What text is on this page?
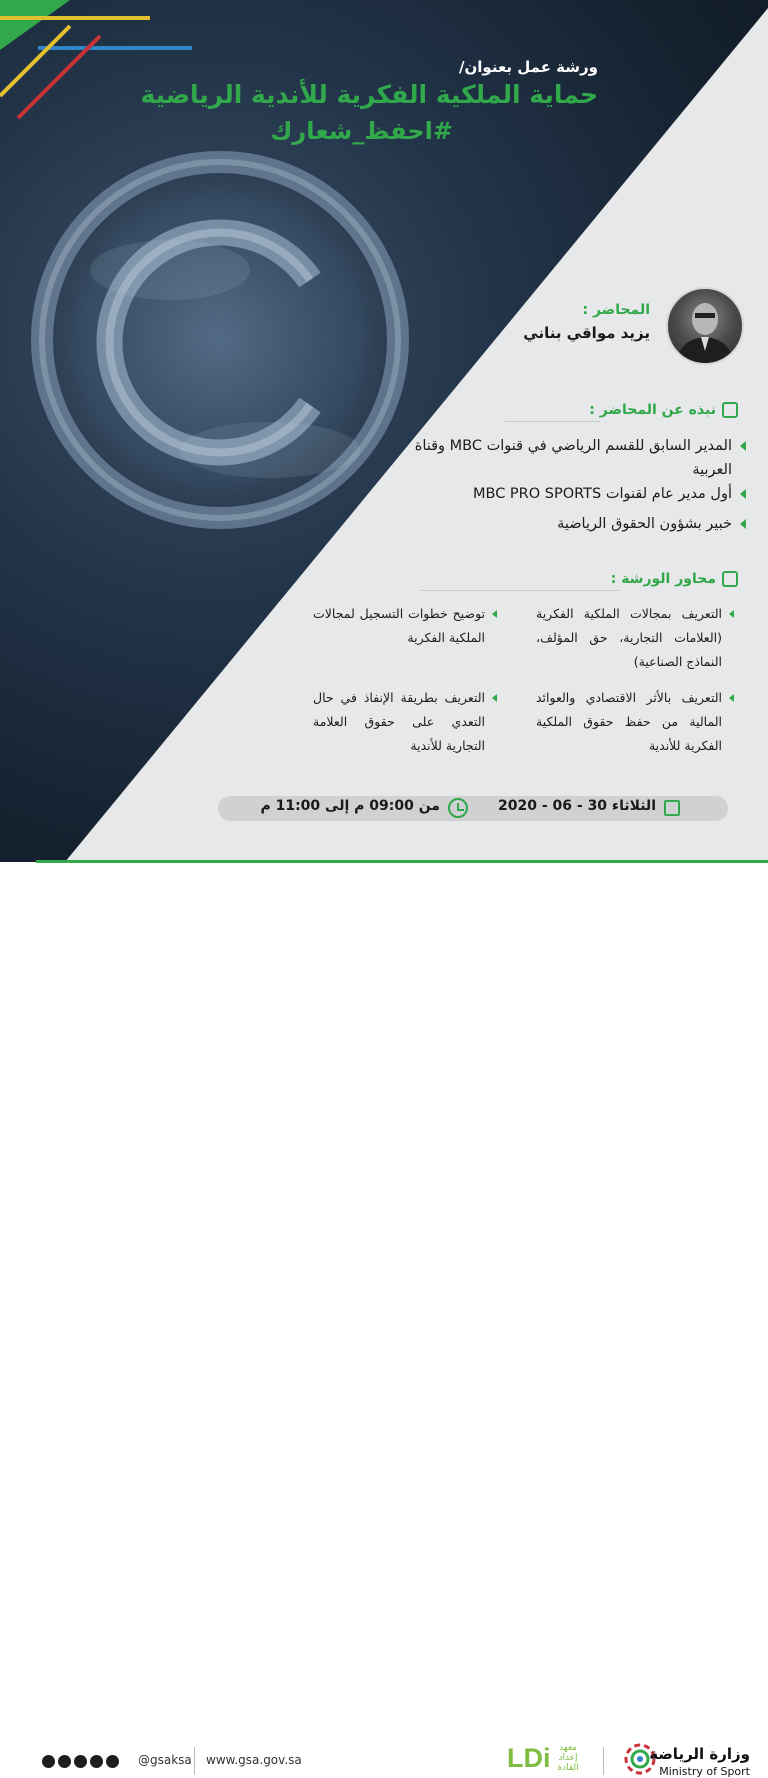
ورشة عمل بعنوان/
حماية الملكية الفكرية للأندية الرياضية
#احفظ_شعارك
المحاضر :
يزيد مواقي بناني
نبذه عن المحاضر :
المدير السابق للقسم الرياضي في قنوات MBC وقناة العربية
أول مدير عام لقنوات MBC PRO SPORTS
خبير بشؤون الحقوق الرياضية
محاور الورشة :
التعريف بمجالات الملكية الفكرية (العلامات التجارية، حق المؤلف، النماذج الصناعية)
توضيح خطوات التسجيل لمجالات الملكية الفكرية
التعريف بالأثر الاقتصادي والعوائد المالية من حفظ حقوق الملكية الفكرية للأندية
التعريف بطريقة الإنفاذ في حال التعدي على حقوق العلامة التجارية للأندية
الثلاثاء 30 - 06 - 2020
من 09:00 م إلى 11:00 م
@gsaksa www.gsa.gov.sa	LDi معهد إعداد القادة
وزارة الرياضة
Ministry of Sport
